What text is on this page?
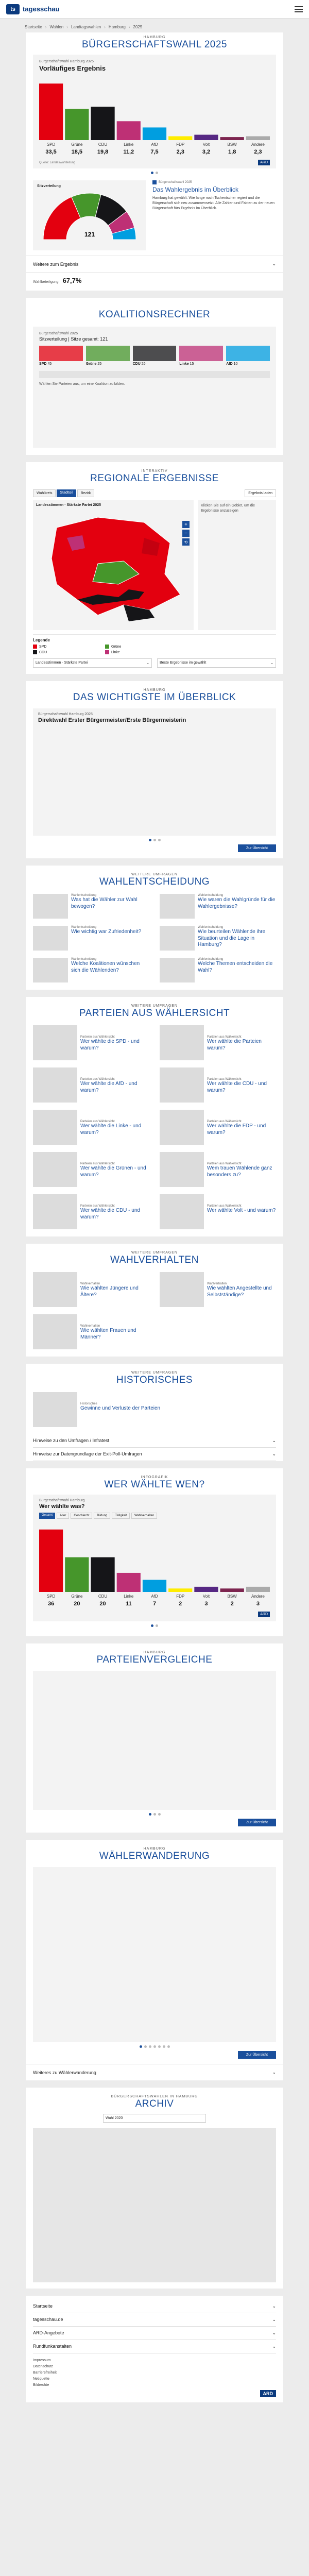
ts	tagesschau
Startseite › Wahlen › Landtagswahlen › Hamburg › 2025
HAMBURG
BÜRGERSCHAFTSWAHL 2025
Bürgerschaftswahl Hamburg 2025
Vorläufiges Ergebnis
SPD
33,5
Grüne
18,5
CDU
19,8
Linke
11,2
AfD
7,5
FDP
2,3
Volt
3,2
BSW
1,8
Andere
2,3
Quelle: Landeswahlleitung	ARD
Sitzverteilung
121
Bürgerschaftswahl 2025
Das Wahlergebnis im Überblick

Hamburg hat gewählt. Wie lange noch Tschentscher regiert und die Bürgerschaft sich neu zusammensetzt. Alle Zahlen und Fakten zu der neuen Bürgerschaft fürs Ergebnis im Überblick.

Weitere zum Ergebnis	⌄
Wahlbeteiligung 67,7%
KOALITIONSRECHNER
Bürgerschaftswahl 2025
Sitzverteilung | Sitze gesamt: 121
SPD 45	Grüne 25	CDU 26	Linke 15	AfD 10
Wählen Sie Parteien aus, um eine Koalition zu bilden.
INTERAKTIV
REGIONALE ERGEBNISSE
Wahlkreis	Stadtteil	Bezirk	Ergebnis laden
Landesstimmen · Stärkste Partei 2025
+
−
⟲

Klicken Sie auf ein Gebiet, um die Ergebnisse anzuzeigen

Legende
SPD	Grüne
CDU	Linke
Landesstimmen · Stärkste Partei	⌄	Beste Ergebnisse im gewählt	⌄
HAMBURG
DAS WICHTIGSTE IM ÜBERBLICK
Bürgerschaftswahl Hamburg 2025
Direktwahl Erster Bürgermeister/Erste Bürgermeisterin
Zur Übersicht
WEITERE UMFRAGEN
WAHLENTSCHEIDUNG
Wahlentscheidung
Was hat die Wähler zur Wahl bewogen?
Wahlentscheidung
Wie waren die Wahlgründe für die Wahlergebnisse?
Wahlentscheidung
Wie wichtig war Zufriedenheit?
Wahlentscheidung
Wie beurteilen Wählende ihre Situation und die Lage in Hamburg?
Wahlentscheidung
Welche Koalitionen wünschen sich die Wählenden?
Wahlentscheidung
Welche Themen entscheiden die Wahl?
WEITERE UMFRAGEN
PARTEIEN AUS WÄHLERSICHT
Parteien aus Wählersicht
Wer wählte die SPD - und warum?
Parteien aus Wählersicht
Wer wählte die Parteien warum?
Parteien aus Wählersicht
Wer wählte die AfD - und warum?
Parteien aus Wählersicht
Wer wählte die CDU - und warum?
Parteien aus Wählersicht
Wer wählte die Linke - und warum?
Parteien aus Wählersicht
Wer wählte die FDP - und warum?
Parteien aus Wählersicht
Wer wählte die Grünen - und warum?
Parteien aus Wählersicht
Wem trauen Wählende ganz besonders zu?
Parteien aus Wählersicht
Wer wählte die CDU - und warum?
Parteien aus Wählersicht
Wer wählte Volt - und warum?
WEITERE UMFRAGEN
WAHLVERHALTEN
Wahlverhalten
Wie wählten Jüngere und Ältere?
Wahlverhalten
Wie wählten Angestellte und Selbstständige?
Wahlverhalten
Wie wählten Frauen und Männer?
WEITERE UMFRAGEN
HISTORISCHES
Historisches
Gewinne und Verluste der Parteien
Hinweise zu den Umfragen / Infratest	⌄
Hinweise zur Datengrundlage der Exit-Poll-Umfragen	⌄
INFOGRAFIK
WER WÄHLTE WEN?
Bürgerschaftswahl Hamburg
Wer wählte was?
Gesamt	Alter	Geschlecht	Bildung	Tätigkeit	Wahlverhalten
SPD
36
Grüne
20
CDU
20
Linke
11
AfD
7
FDP
2
Volt
3
BSW
2
Andere
3
ARD
HAMBURG
PARTEIENVERGLEICHE
Zur Übersicht
HAMBURG
WÄHLERWANDERUNG
Zur Übersicht
Weiteres zu Wählerwanderung	⌄
BÜRGERSCHAFTSWAHLEN IN HAMBURG
ARCHIV
Wahl 2020
Startseite	⌄
tagesschau.de	⌄
ARD-Angebote	⌄
Rundfunkanstalten	⌄
Impressum
Datenschutz
Barrierefreiheit
Netiquette
Bildrechte
ARD
